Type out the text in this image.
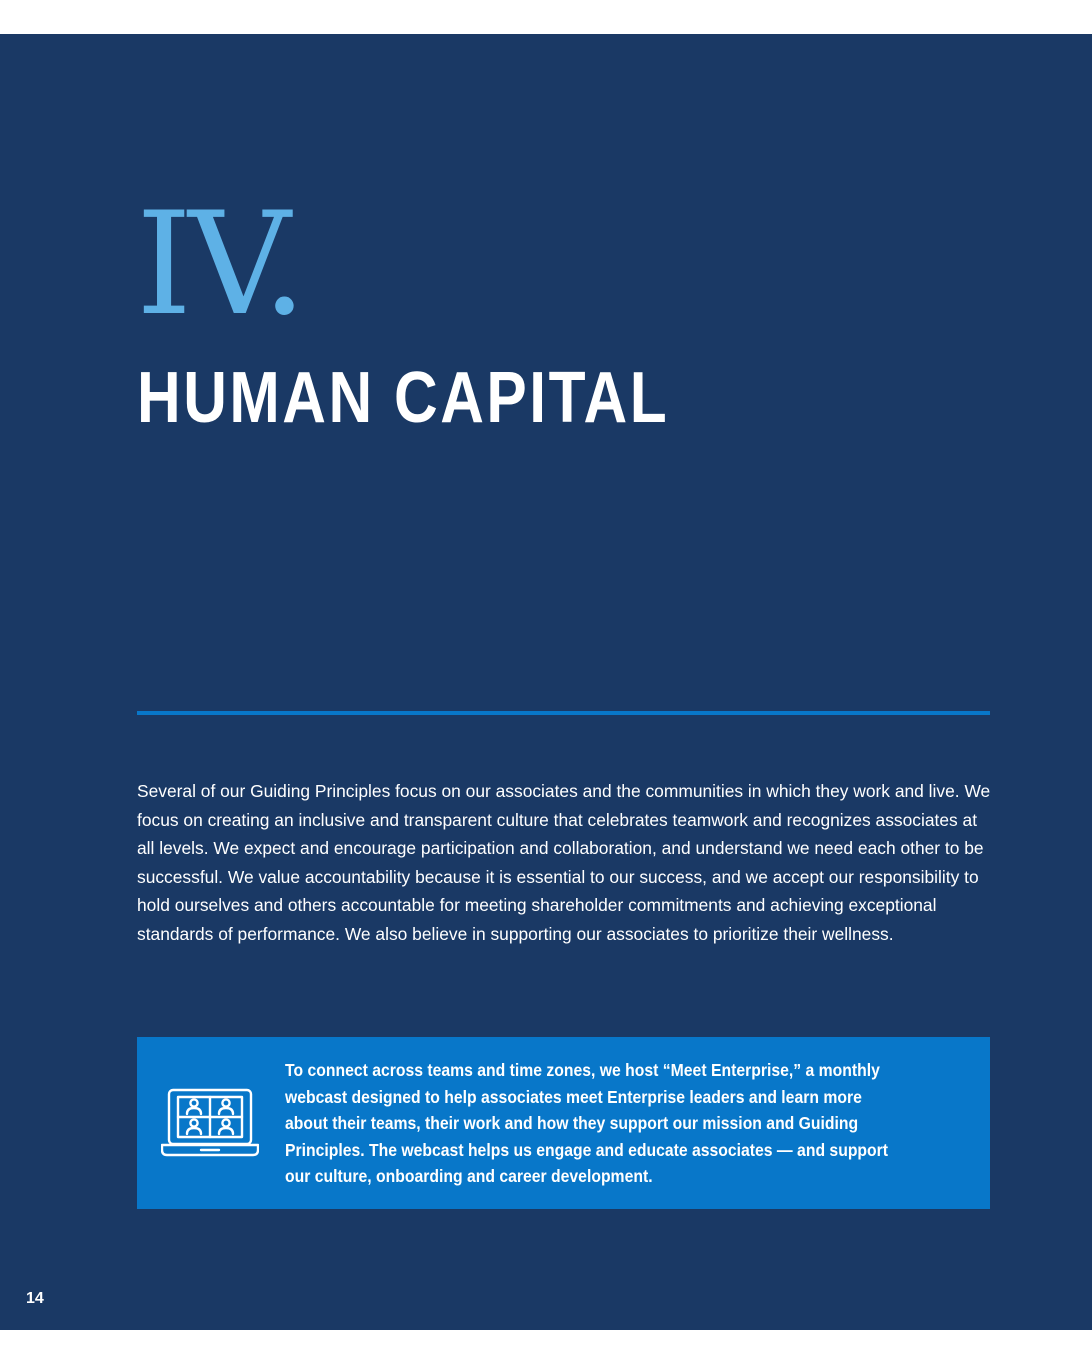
IV.
HUMAN CAPITAL

Several of our Guiding Principles focus on our associates and the communities in which they work and live. We focus on creating an inclusive and transparent culture that celebrates teamwork and recognizes associates at all levels. We expect and encourage participation and collaboration, and understand we need each other to be successful. We value accountability because it is essential to our success, and we accept our responsibility to hold ourselves and others accountable for meeting shareholder commitments and achieving exceptional standards of performance. We also believe in supporting our associates to prioritize their wellness.

To connect across teams and time zones, we host “Meet Enterprise,” a monthly webcast designed to help associates meet Enterprise leaders and learn more about their teams, their work and how they support our mission and Guiding Principles. The webcast helps us engage and educate associates — and support our culture, onboarding and career development.

14
